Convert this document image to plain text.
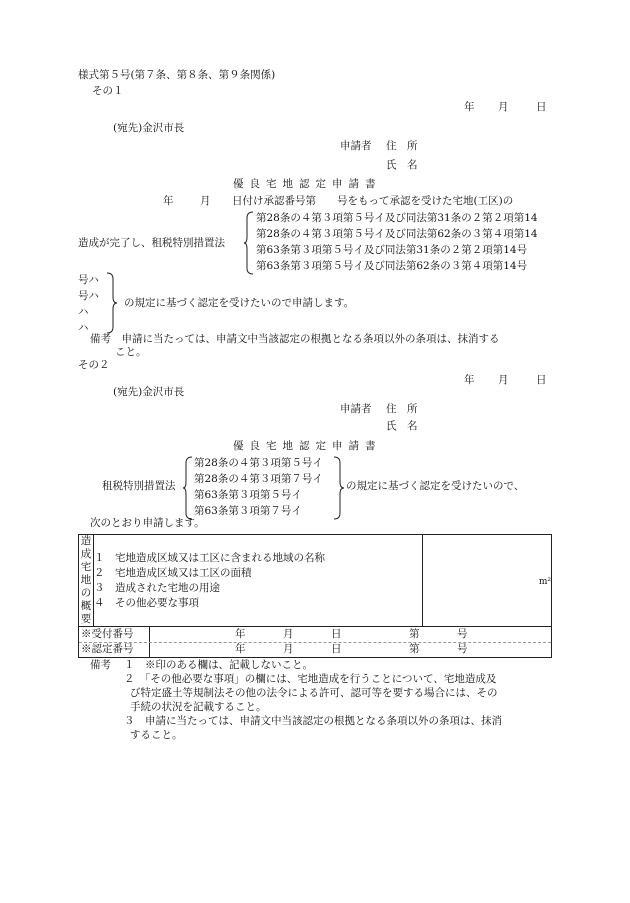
様式第５号(第７条、第８条、第９条関係)
その１
年 月	日
(宛先)金沢市長
申請者 住　所
氏　名
優良宅地認定申請書
年	月 日付け承認番号第　　号をもって承認を受けた宅地(工区)の
造成が完了し、租税特別措置法
第28条の４第３項第５号イ及び同法第31条の２第２項第14
第28条の４第３項第５号イ及び同法第62条の３第４項第14
第63条第３項第５号イ及び同法第31条の２第２項第14号
第63条第３項第５号イ及び同法第62条の３第４項第14号
号ハ
号ハ
ハ
ハ
の規定に基づく認定を受けたいので申請します。
備考　申請に当たっては、申請文中当該認定の根拠となる条項以外の条項は、抹消する
こと。
その２
年 月	日
(宛先)金沢市長
申請者 住　所
氏　名
優良宅地認定申請書
租税特別措置法
第28条の４第３項第５号イ
第28条の４第３項第７号イ
第63条第３項第５号イ
第63条第３項第７号イ
の規定に基づく認定を受けたいので、
次のとおり申請します。
造
成
宅
地
の
概
要

１　宅地造成区域又は工区に含まれる地域の名称
２　宅地造成区域又は工区の面積
３　造成された宅地の用途
４　その他必要な事項
	m²

※受付番号	年	月	日	第	号
※認定番号	年	月	日	第	号
備考 １　※印のある欄は、記載しないこと。
２　「その他必要な事項」の欄には、宅地造成を行うことについて、宅地造成及
び特定盛土等規制法その他の法令による許可、認可等を要する場合には、その
手続の状況を記載すること。
３　申請に当たっては、申請文中当該認定の根拠となる条項以外の条項は、抹消
すること。
